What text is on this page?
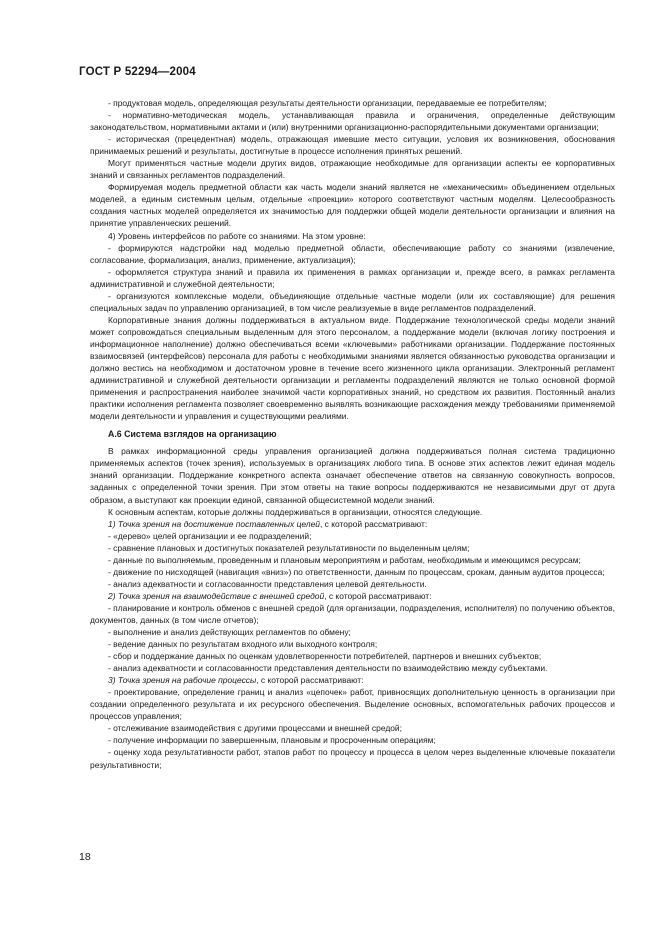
ГОСТ Р 52294—2004

- продуктовая модель, определяющая результаты деятельности организации, передаваемые ее потребителям;

- нормативно-методическая модель, устанавливающая правила и ограничения, определенные действующим законодательством, нормативными актами и (или) внутренними организационно-распорядительными документами организации;

- историческая (прецедентная) модель, отражающая имевшие место ситуации, условия их возникновения, обоснования принимаемых решений и результаты, достигнутые в процессе исполнения принятых решений.

Могут применяться частные модели других видов, отражающие необходимые для организации аспекты ее корпоративных знаний и связанных регламентов подразделений.

Формируемая модель предметной области как часть модели знаний является не «механическим» объединением отдельных моделей, а единым системным целым, отдельные «проекции» которого соответствуют частным моделям. Целесообразность создания частных моделей определяется их значимостью для поддержки общей модели деятельности организации и влияния на принятие управленческих решений.

4) Уровень интерфейсов по работе со знаниями. На этом уровне:

- формируются надстройки над моделью предметной области, обеспечивающие работу со знаниями (извлечение, согласование, формализация, анализ, применение, актуализация);

- оформляется структура знаний и правила их применения в рамках организации и, прежде всего, в рамках регламента административной и служебной деятельности;

- организуются комплексные модели, объединяющие отдельные частные модели (или их составляющие) для решения специальных задач по управлению организацией, в том числе реализуемые в виде регламентов подразделений.

Корпоративные знания должны поддерживаться в актуальном виде. Поддержание технологической среды модели знаний может сопровождаться специальным выделенным для этого персоналом, а поддержание модели (включая логику построения и информационное наполнение) должно обеспечиваться всеми «ключевыми» работниками организации. Поддержание постоянных взаимосвязей (интерфейсов) персонала для работы с необходимыми знаниями является обязанностью руководства организации и должно вестись на необходимом и достаточном уровне в течение всего жизненного цикла организации. Электронный регламент административной и служебной деятельности организации и регламенты подразделений являются не только основной формой применения и распространения наиболее значимой части корпоративных знаний, но средством их развития. Постоянный анализ практики исполнения регламента позволяет своевременно выявлять возникающие расхождения между требованиями применяемой модели деятельности и управления и существующими реалиями.

А.6 Система взглядов на организацию

В рамках информационной среды управления организацией должна поддерживаться полная система традиционно применяемых аспектов (точек зрения), используемых в организациях любого типа. В основе этих аспектов лежит единая модель знаний организации. Поддержание конкретного аспекта означает обеспечение ответов на связанную совокупность вопросов, заданных с определенной точки зрения. При этом ответы на такие вопросы поддерживаются не независимыми друг от друга образом, а выступают как проекции единой, связанной общесистемной модели знаний.

К основным аспектам, которые должны поддерживаться в организации, относятся следующие.

1) Точка зрения на достижение поставленных целей, с которой рассматривают:

- «дерево» целей организации и ее подразделений;

- сравнение плановых и достигнутых показателей результативности по выделенным целям;

- данные по выполняемым, проведенным и плановым мероприятиям и работам, необходимым и имеющимся ресурсам;

- движение по нисходящей (навигация «вниз») по ответственности, данным по процессам, срокам, данным аудитов процесса;

- анализ адекватности и согласованности представления целевой деятельности.

2) Точка зрения на взаимодействие с внешней средой, с которой рассматривают:

- планирование и контроль обменов с внешней средой (для организации, подразделения, исполнителя) по получению объектов, документов, данных (в том числе отчетов);

- выполнение и анализ действующих регламентов по обмену;

- ведение данных по результатам входного или выходного контроля;

- сбор и поддержание данных по оценкам удовлетворенности потребителей, партнеров и внешних субъектов;

- анализ адекватности и согласованности представления деятельности по взаимодействию между субъектами.

3) Точка зрения на рабочие процессы, с которой рассматривают:

- проектирование, определение границ и анализ «цепочек» работ, привносящих дополнительную ценность в организации при создании определенного результата и их ресурсного обеспечения. Выделение основных, вспомогательных рабочих процессов и процессов управления;

- отслеживание взаимодействия с другими процессами и внешней средой;

- получение информации по завершенным, плановым и просроченным операциям;

- оценку хода результативности работ, этапов работ по процессу и процесса в целом через выделенные ключевые показатели результативности;

18
